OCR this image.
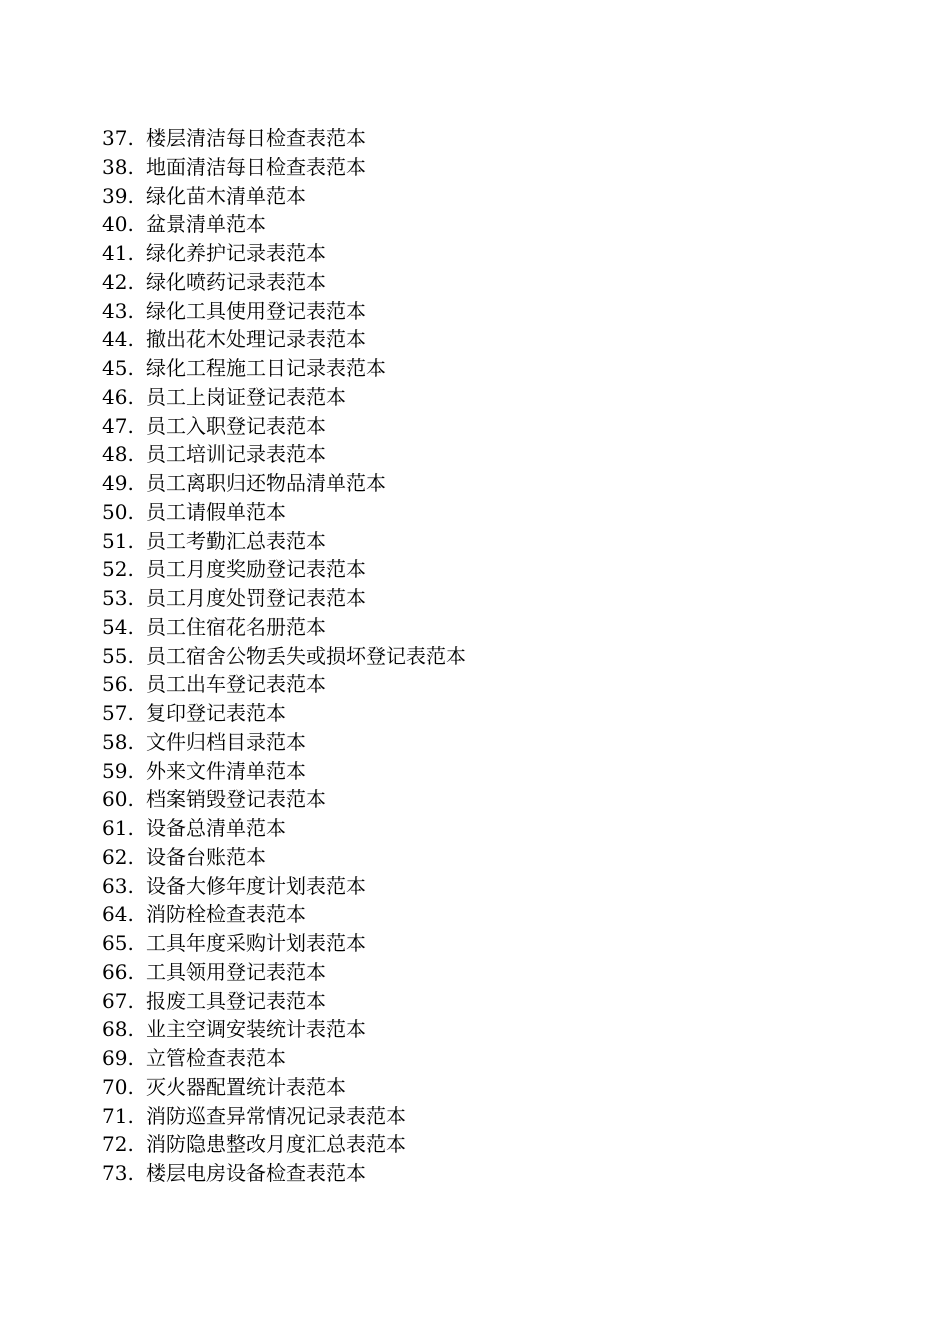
37. 楼层清洁每日检查表范本
38. 地面清洁每日检查表范本
39. 绿化苗木清单范本
40. 盆景清单范本
41. 绿化养护记录表范本
42. 绿化喷药记录表范本
43. 绿化工具使用登记表范本
44. 撤出花木处理记录表范本
45. 绿化工程施工日记录表范本
46. 员工上岗证登记表范本
47. 员工入职登记表范本
48. 员工培训记录表范本
49. 员工离职归还物品清单范本
50. 员工请假单范本
51. 员工考勤汇总表范本
52. 员工月度奖励登记表范本
53. 员工月度处罚登记表范本
54. 员工住宿花名册范本
55. 员工宿舍公物丢失或损坏登记表范本
56. 员工出车登记表范本
57. 复印登记表范本
58. 文件归档目录范本
59. 外来文件清单范本
60. 档案销毁登记表范本
61. 设备总清单范本
62. 设备台账范本
63. 设备大修年度计划表范本
64. 消防栓检查表范本
65. 工具年度采购计划表范本
66. 工具领用登记表范本
67. 报废工具登记表范本
68. 业主空调安装统计表范本
69. 立管检查表范本
70. 灭火器配置统计表范本
71. 消防巡查异常情况记录表范本
72. 消防隐患整改月度汇总表范本
73. 楼层电房设备检查表范本
